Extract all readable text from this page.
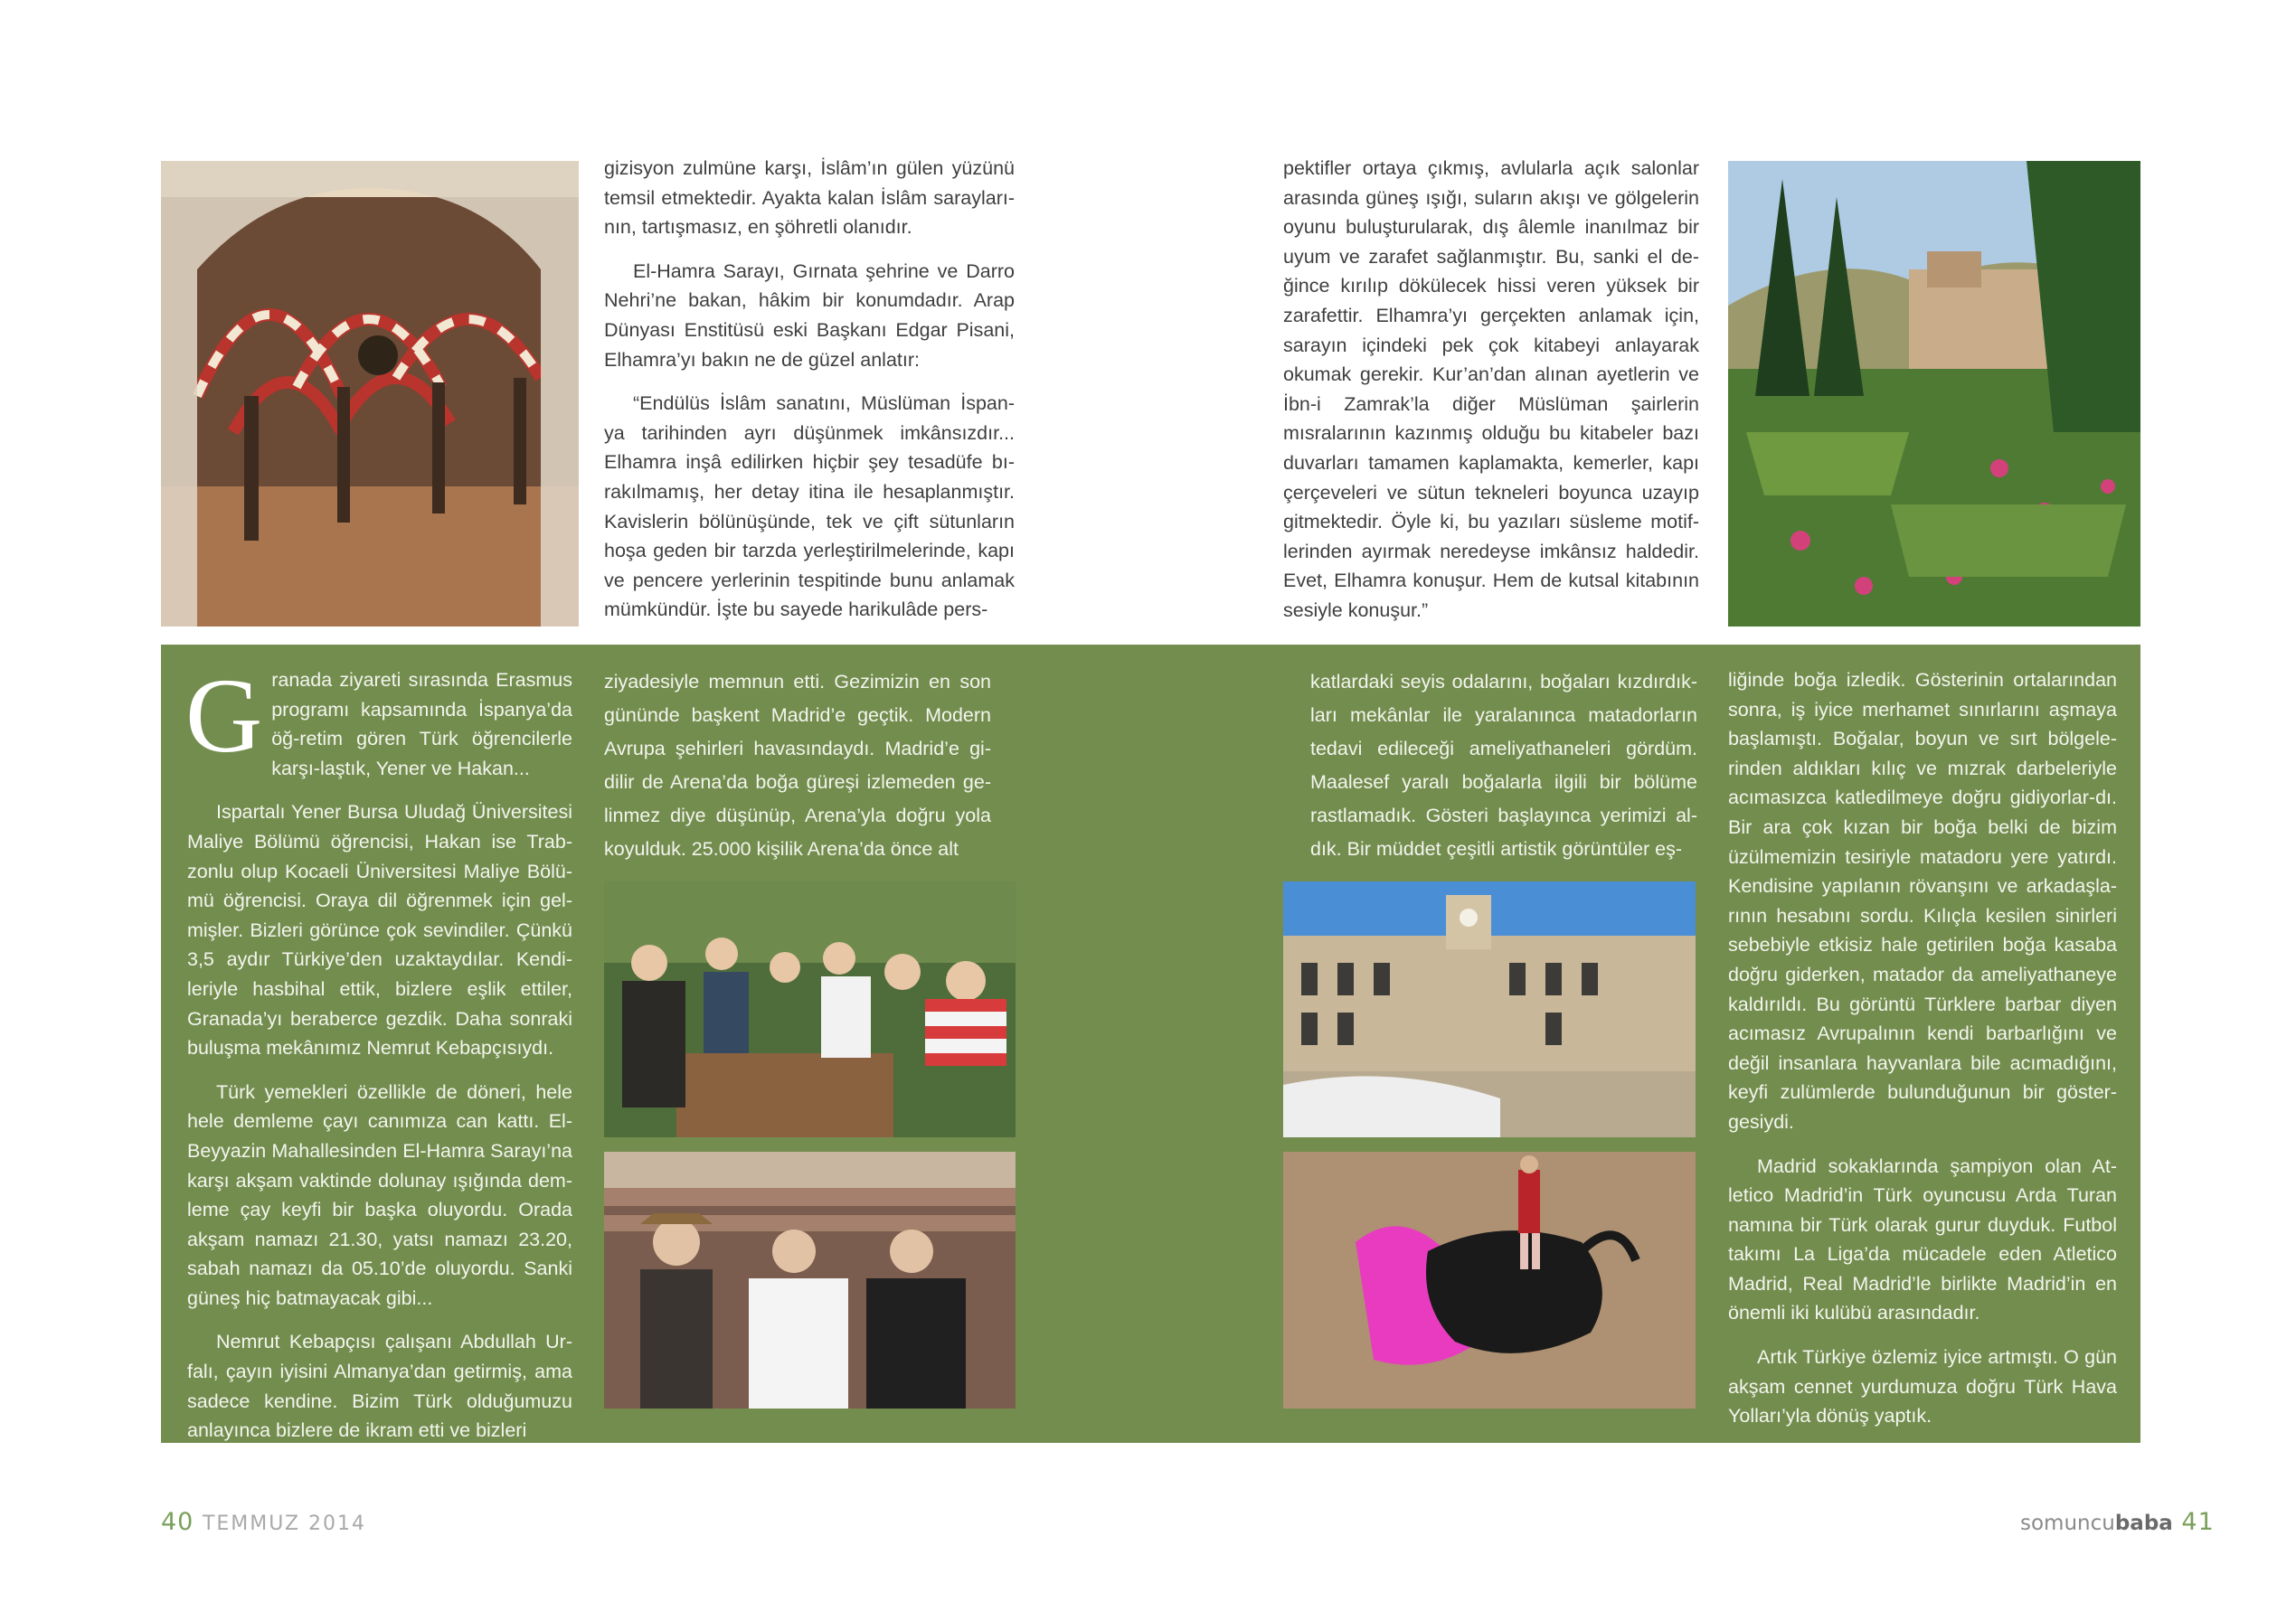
gizisyon zulmüne karşı, İslâm’ın gülen yüzünü temsil etmektedir. Ayakta kalan İslâm sarayları-nın, tartışmasız, en şöhretli olanıdır.

El-Hamra Sarayı, Gırnata şehrine ve Darro Nehri’ne bakan, hâkim bir konumdadır. Arap Dünyası Enstitüsü eski Başkanı Edgar Pisani, Elhamra’yı bakın ne de güzel anlatır:

“Endülüs İslâm sanatını, Müslüman İspan-ya tarihinden ayrı düşünmek imkânsızdır... Elhamra inşâ edilirken hiçbir şey tesadüfe bı-rakılmamış, her detay itina ile hesaplanmıştır. Kavislerin bölünüşünde, tek ve çift sütunların hoşa geden bir tarzda yerleştirilmelerinde, kapı ve pencere yerlerinin tespitinde bunu anlamak mümkündür. İşte bu sayede harikulâde pers-

pektifler ortaya çıkmış, avlularla açık salonlar arasında güneş ışığı, suların akışı ve gölgelerin oyunu buluşturularak, dış âlemle inanılmaz bir uyum ve zarafet sağlanmıştır. Bu, sanki el de-ğince kırılıp dökülecek hissi veren yüksek bir zarafettir. Elhamra’yı gerçekten anlamak için, sarayın içindeki pek çok kitabeyi anlayarak okumak gerekir. Kur’an’dan alınan ayetlerin ve İbn-i Zamrak’la diğer Müslüman şairlerin mısralarının kazınmış olduğu bu kitabeler bazı duvarları tamamen kaplamakta, kemerler, kapı çerçeveleri ve sütun tekneleri boyunca uzayıp gitmektedir. Öyle ki, bu yazıları süsleme motif-lerinden ayırmak neredeyse imkânsız haldedir. Evet, Elhamra konuşur. Hem de kutsal kitabının sesiyle konuşur.”

Granada ziyareti sırasında Erasmus programı kapsamında İspanya’da öğ-retim gören Türk öğrencilerle karşı-laştık, Yener ve Hakan...

Ispartalı Yener Bursa Uludağ Üniversitesi Maliye Bölümü öğrencisi, Hakan ise Trab-zonlu olup Kocaeli Üniversitesi Maliye Bölü-mü öğrencisi. Oraya dil öğrenmek için gel-mişler. Bizleri görünce çok sevindiler. Çünkü 3,5 aydır Türkiye’den uzaktaydılar. Kendi-leriyle hasbihal ettik, bizlere eşlik ettiler, Granada’yı beraberce gezdik. Daha sonraki buluşma mekânımız Nemrut Kebapçısıydı.

Türk yemekleri özellikle de döneri, hele hele demleme çayı canımıza can kattı. El-Beyyazin Mahallesinden El-Hamra Sarayı’na karşı akşam vaktinde dolunay ışığında dem-leme çay keyfi bir başka oluyordu. Orada akşam namazı 21.30, yatsı namazı 23.20, sabah namazı da 05.10’de oluyordu. Sanki güneş hiç batmayacak gibi...

Nemrut Kebapçısı çalışanı Abdullah Ur-falı, çayın iyisini Almanya’dan getirmiş, ama sadece kendine. Bizim Türk olduğumuzu anlayınca bizlere de ikram etti ve bizleri

ziyadesiyle memnun etti. Gezimizin en son gününde başkent Madrid’e geçtik. Modern Avrupa şehirleri havasındaydı. Madrid’e gi-dilir de Arena’da boğa güreşi izlemeden ge-linmez diye düşünüp, Arena’yla doğru yola koyulduk. 25.000 kişilik Arena’da önce alt

katlardaki seyis odalarını, boğaları kızdırdık-ları mekânlar ile yaralanınca matadorların tedavi edileceği ameliyathaneleri gördüm. Maalesef yaralı boğalarla ilgili bir bölüme rastlamadık. Gösteri başlayınca yerimizi al-dık. Bir müddet çeşitli artistik görüntüler eş-

liğinde boğa izledik. Gösterinin ortalarından sonra, iş iyice merhamet sınırlarını aşmaya başlamıştı. Boğalar, boyun ve sırt bölgele-rinden aldıkları kılıç ve mızrak darbeleriyle acımasızca katledilmeye doğru gidiyorlar-dı. Bir ara çok kızan bir boğa belki de bizim üzülmemizin tesiriyle matadoru yere yatırdı. Kendisine yapılanın rövanşını ve arkadaşla-rının hesabını sordu. Kılıçla kesilen sinirleri sebebiyle etkisiz hale getirilen boğa kasaba doğru giderken, matador da ameliyathaneye kaldırıldı. Bu görüntü Türklere barbar diyen acımasız Avrupalının kendi barbarlığını ve değil insanlara hayvanlara bile acımadığını, keyfi zulümlerde bulunduğunun bir göster-gesiydi.

Madrid sokaklarında şampiyon olan At-letico Madrid’in Türk oyuncusu Arda Turan namına bir Türk olarak gurur duyduk. Futbol takımı La Liga’da mücadele eden Atletico Madrid, Real Madrid’le birlikte Madrid’in en önemli iki kulübü arasındadır.

Artık Türkiye özlemiz iyice artmıştı. O gün akşam cennet yurdumuza doğru Türk Hava Yolları’yla dönüş yaptık.

40 TEMMUZ 2014	somuncubaba 41
